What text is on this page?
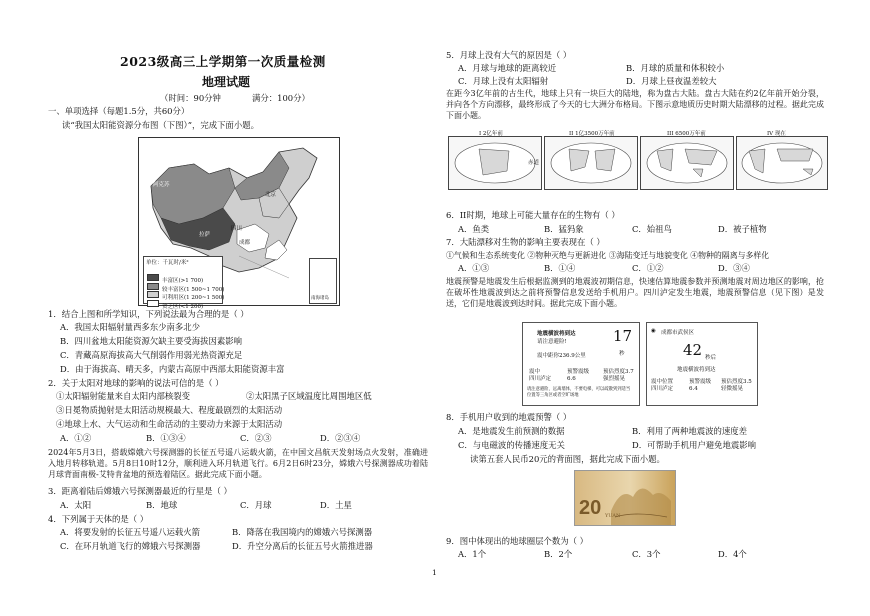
2023级高三上学期第一次质量检测
地理试题
（时间：90分钟	满分：100分）
一、单项选择（每题1.5分，共60分）
读“我国太阳能资源分布图（下图）”，完成下面小题。
阿克苏
拉萨
北京
成都
四川
单位：千瓦时/米²
丰富区(>1 700)
较丰富区(1 500~1 700)
可利用区(1 200~1 500)
贫乏区(<1 200)
南海诸岛
1．结合上图和所学知识，下列说法最为合理的是（ ）
A．我国太阳辐射量西多东少南多北少
B．四川盆地太阳能资源欠缺主要受海拔因素影响
C．青藏高原海拔高大气削弱作用弱光热资源充足
D．由于海拔高、晴天多，内蒙古高原中西部太阳能资源丰富
2．关于太阳对地球的影响的说法可信的是（ ）
①太阳辐射能量来自太阳内部核裂变	②太阳黑子区域温度比周围地区低
③日冕物质抛射是太阳活动规模最大、程度最剧烈的太阳活动
④地球上水、大气运动和生命活动的主要动力来源于太阳活动
A．①②	B．①③④	C．②③	D．②③④
2024年5月3日，搭载嫦娥六号探测器的长征五号遥八运载火箭，在中国文昌航天发射场点火发射，准确进入地月转移轨道。5月8日10时12分，顺利进入环月轨道飞行。6月2日6时23分，嫦娥六号探测器成功着陆月球背面南极-艾特肯盆地的预选着陆区。据此完成下面小题。
3．距离着陆后嫦娥六号探测器最近的行星是（ ）
A．太阳	B．地球	C．月球	D．土星
4．下列属于天体的是（ ）
A．将要发射的长征五号遥八运载火箭	B．降落在我国境内的嫦娥六号探测器
C．在环月轨道飞行的嫦娥六号探测器	D．升空分离后的长征五号火箭推进器
5．月球上没有大气的原因是（ ）
A．月球与地球的距离较近	B．月球的质量和体积较小
C．月球上没有太阳辐射	D．月球上昼夜温差较大
在距今3亿年前的古生代，地球上只有一块巨大的陆地，称为盘古大陆。盘古大陆在约2亿年前开始分裂，并向各个方向漂移，最终形成了今天的七大洲分布格局。下图示意地质历史时期大陆漂移的过程。据此完成下面小题。
I 2亿年前	II 1亿3500万年前	III 6500万年前	IV 现在
赤道
6．II时期，地球上可能大量存在的生物有（ ）
A．鱼类	B．猛犸象	C．始祖鸟	D．被子植物
7．大陆漂移对生物的影响主要表现在（ ）
①气候和生态系统变化 ②物种灭绝与更新进化 ③海陆变迁与地貌变化 ④物种的隔离与多样化
A．①③	B．①④	C．①②	D．③④
地震预警是地震发生后根据监测到的地震波初期信息，快速估算地震参数并预测地震对周边地区的影响，抢在破坏性地震波到达之前将预警信息发送给手机用户。四川泸定发生地震，地震预警信息（见下图）是发送，它们是地震波到达时间。据此完成下面小题。
地震横波将到达
请注意避险!	17
秒
震中距你236.9公里
震中
四川泸定
预警震级
6.6
预估烈度3.7
强烈摇晃
请注意避险，远离墙体，不要电梯，可以疏散到到适当位置等三角区或者空旷场地
◉ 成都市武侯区
42 秒后
地震横波将到达
震中位置
四川泸定
预警震级
6.4
预估烈度3.5
轻微摇晃
8．手机用户收到的地震预警（ ）
A．是地震发生前预测的数据	B．利用了两种地震波的速度差
C．与电磁波的传播速度无关	D．可帮助手机用户避免地震影响
读第五套人民币20元的背面图，据此完成下面小题。
20 YUAN
9．图中体现出的地球圈层个数为（ ）
A．1个	B．2个	C．3个	D．4个
1
